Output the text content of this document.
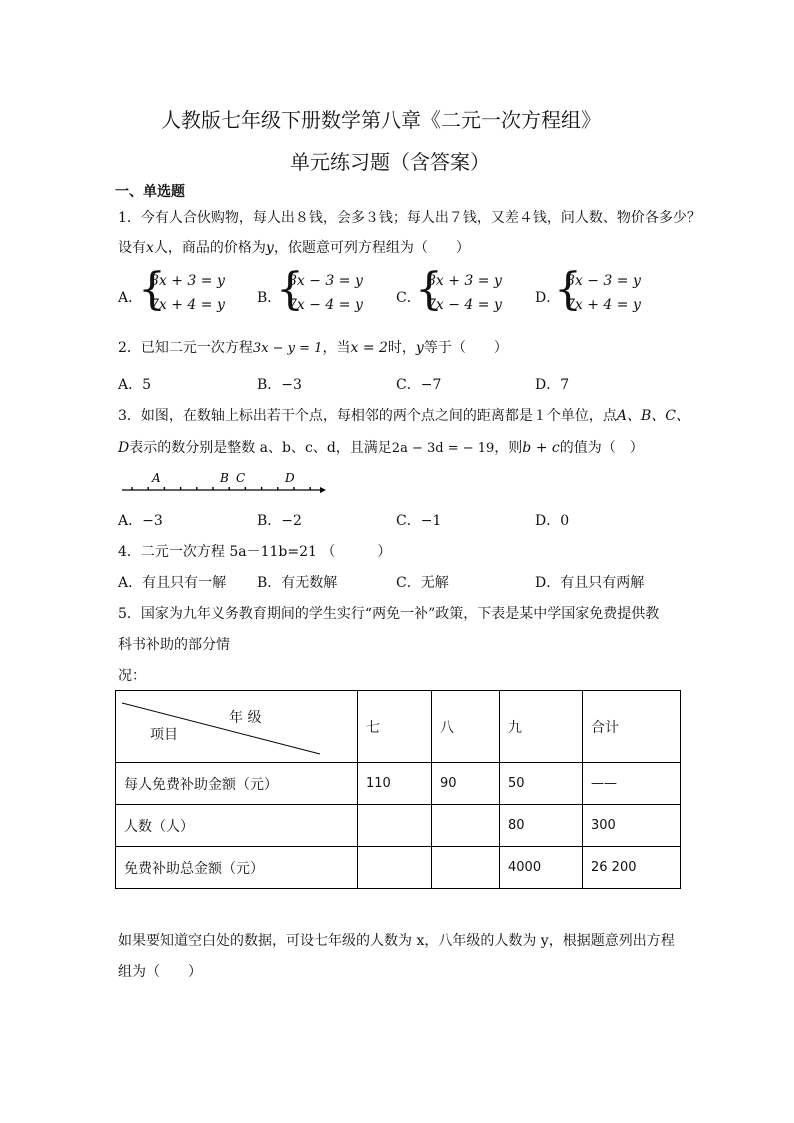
人教版七年级下册数学第八章《二元一次方程组》
单元练习题（含答案）
一、单选题
1．今有人合伙购物，每人出８钱，会多３钱；每人出７钱，又差４钱，问人数、物价各多少？
设有x人，商品的价格为y，依题意可列方程组为（　　）
A．
{
8x + 3 = y
7x + 4 = y B．
{
8x − 3 = y
7x − 4 = y C．
{
8x + 3 = y
7x − 4 = y D．
{
8x − 3 = y
7x + 4 = y
2．已知二元一次方程3x − y = 1，当x = 2时，y等于（　　）
A．5	B．−3	C．−7	D．7
3．如图，在数轴上标出若干个点，每相邻的两个点之间的距离都是１个单位，点A、B、C、
D表示的数分别是整数 a、b、c、d，且满足2a − 3d = − 19，则b + c的值为（　）
A	B C	D
A．−3	B．−2	C．−1	D．0
4．二元一次方程 5a－11b=21 （　　　）
A．有且只有一解 B．有无数解	C．无解	D．有且只有两解
5．国家为九年义务教育期间的学生实行“两免一补”政策，下表是某中学国家免费提供教
科书补助的部分情
况：
年 级
项目	七	八	九	合计
每人免费补助金额（元）	110	90	50	——
人数（人）			80	300
免费补助总金额（元）			4000	26 200
如果要知道空白处的数据，可设七年级的人数为 x，八年级的人数为 y，根据题意列出方程
组为（　　）
